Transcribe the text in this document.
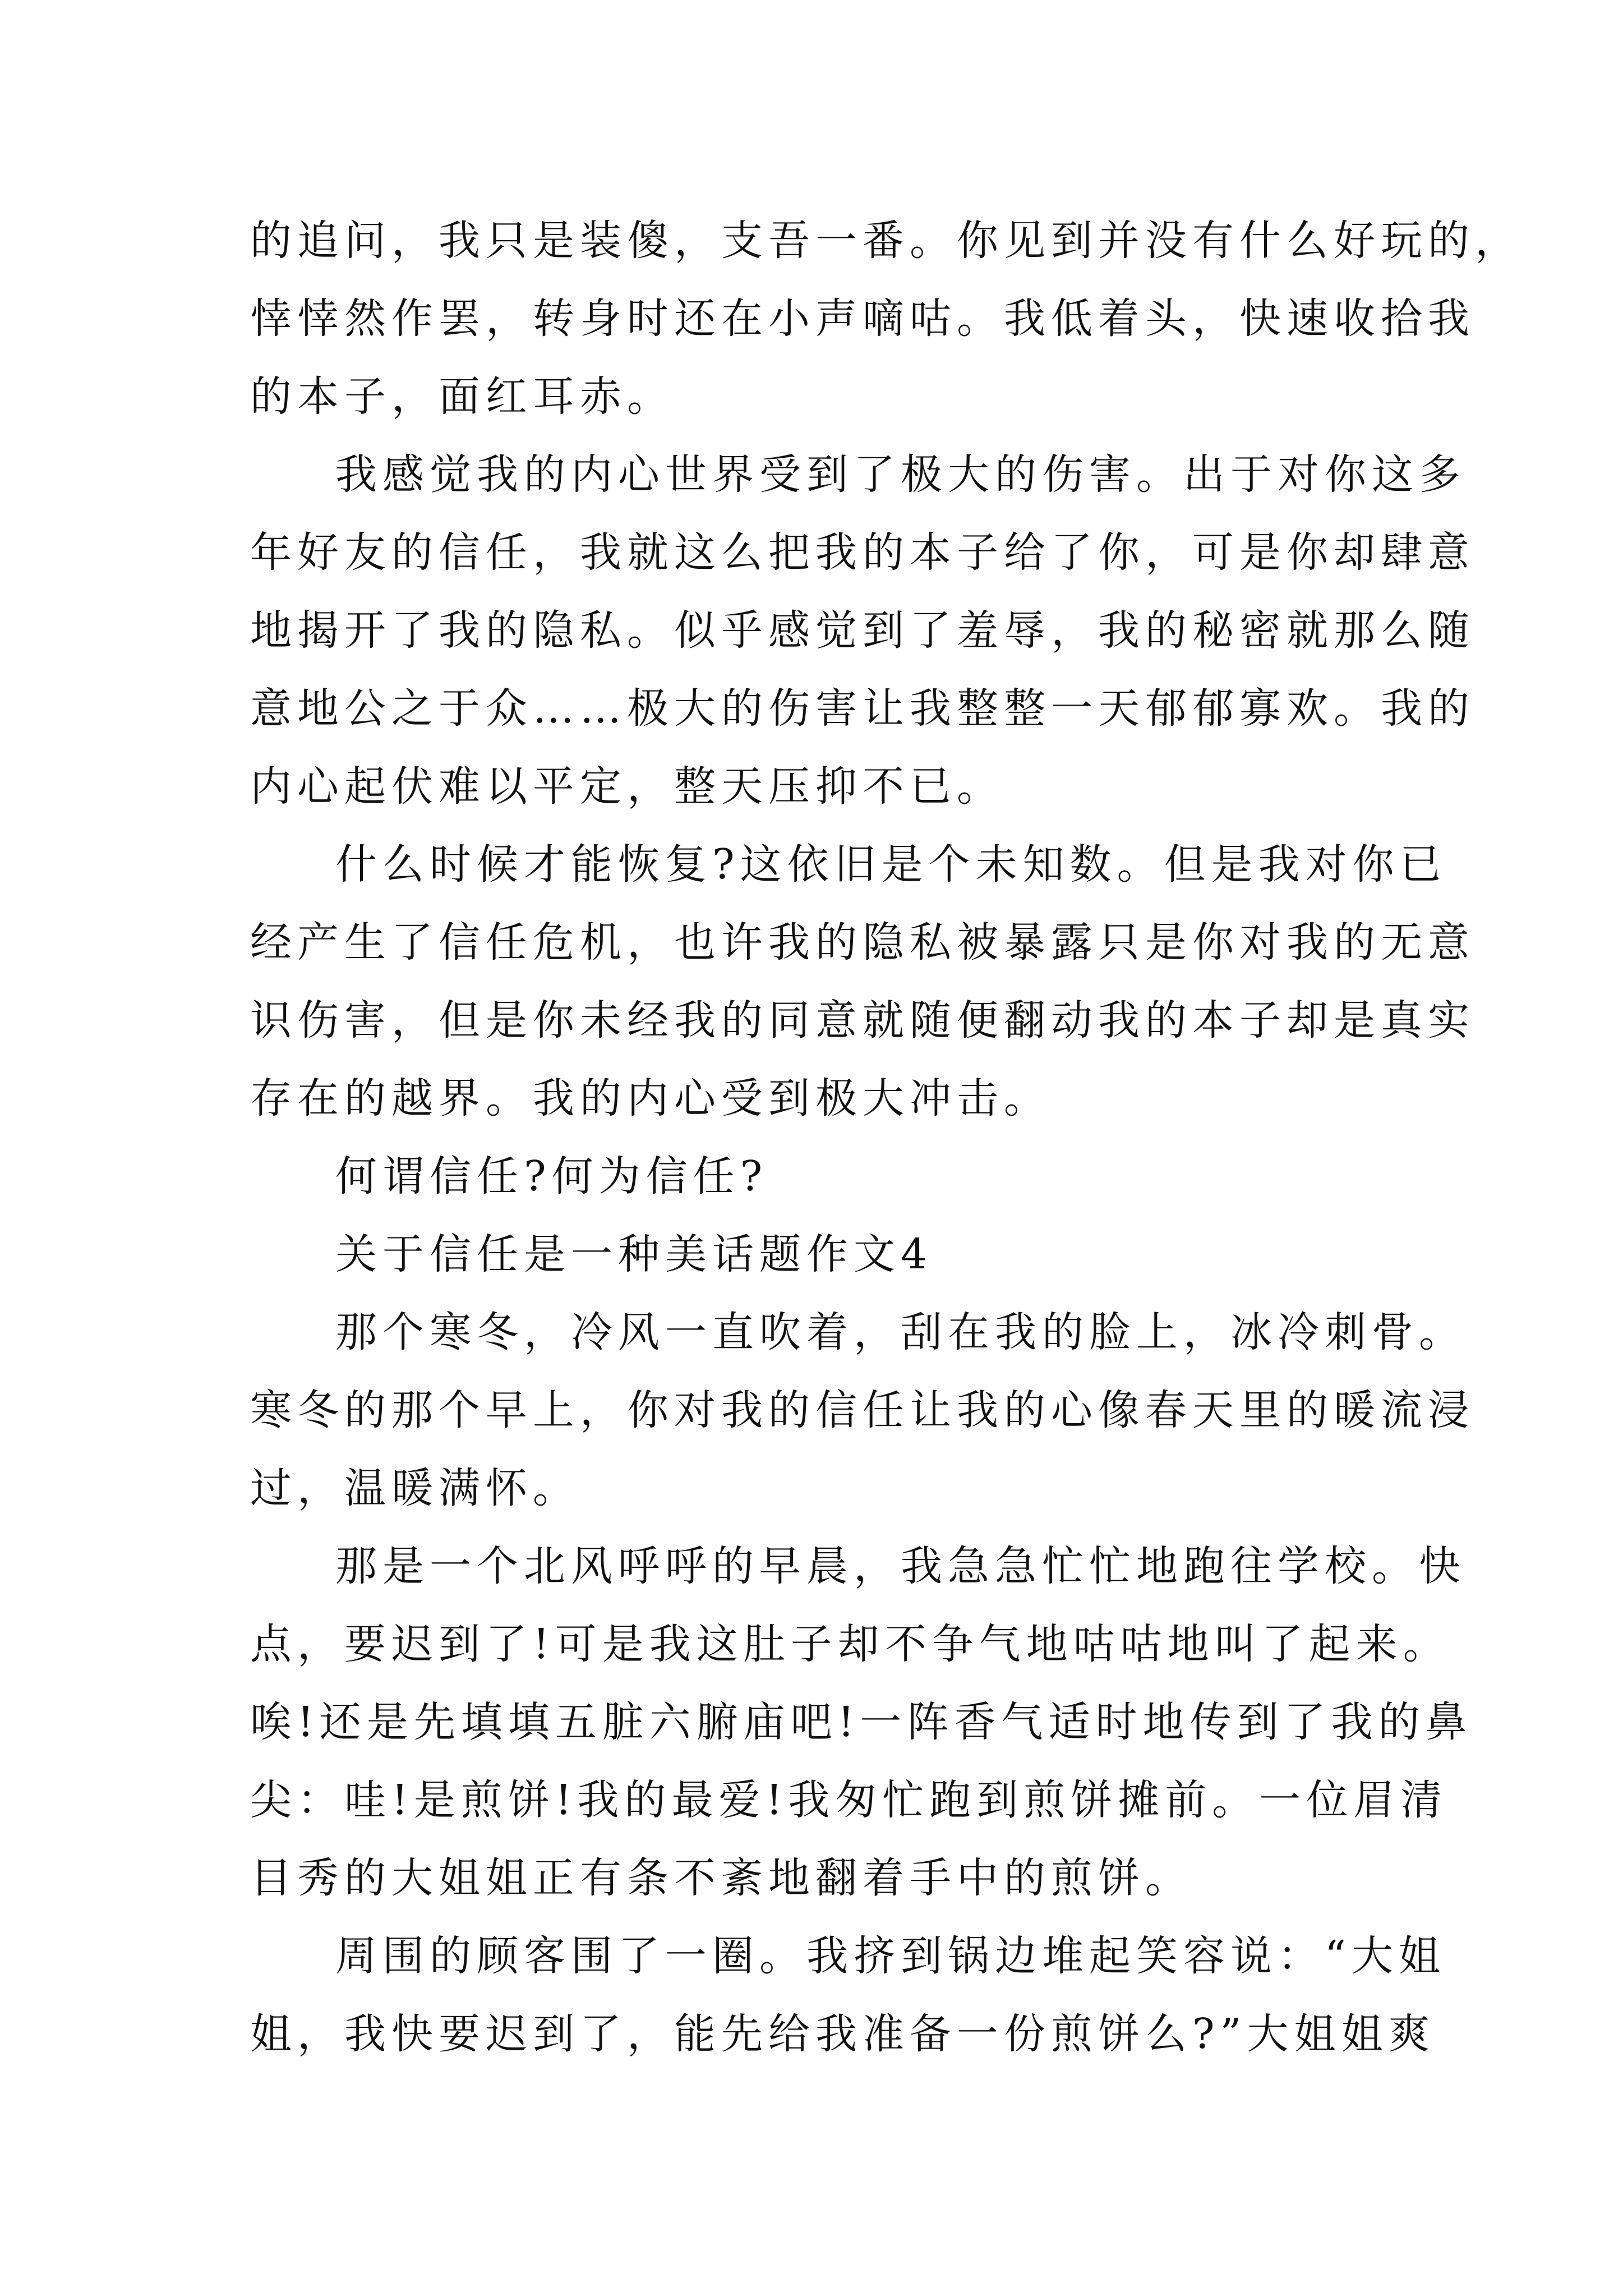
的追问，我只是装傻，支吾一番。你见到并没有什么好玩的，
悻悻然作罢，转身时还在小声嘀咕。我低着头，快速收拾我
的本子，面红耳赤。
我感觉我的内心世界受到了极大的伤害。出于对你这多
年好友的信任，我就这么把我的本子给了你，可是你却肆意
地揭开了我的隐私。似乎感觉到了羞辱，我的秘密就那么随
意地公之于众……极大的伤害让我整整一天郁郁寡欢。我的
内心起伏难以平定，整天压抑不已。
什么时候才能恢复?这依旧是个未知数。但是我对你已
经产生了信任危机，也许我的隐私被暴露只是你对我的无意
识伤害，但是你未经我的同意就随便翻动我的本子却是真实
存在的越界。我的内心受到极大冲击。
何谓信任?何为信任?
关于信任是一种美话题作文4
那个寒冬，冷风一直吹着，刮在我的脸上，冰冷刺骨。
寒冬的那个早上，你对我的信任让我的心像春天里的暖流浸
过，温暖满怀。
那是一个北风呼呼的早晨，我急急忙忙地跑往学校。快
点，要迟到了!可是我这肚子却不争气地咕咕地叫了起来。
唉!还是先填填五脏六腑庙吧!一阵香气适时地传到了我的鼻
尖：哇!是煎饼!我的最爱!我匆忙跑到煎饼摊前。一位眉清
目秀的大姐姐正有条不紊地翻着手中的煎饼。
周围的顾客围了一圈。我挤到锅边堆起笑容说：“大姐
姐，我快要迟到了，能先给我准备一份煎饼么?”大姐姐爽
